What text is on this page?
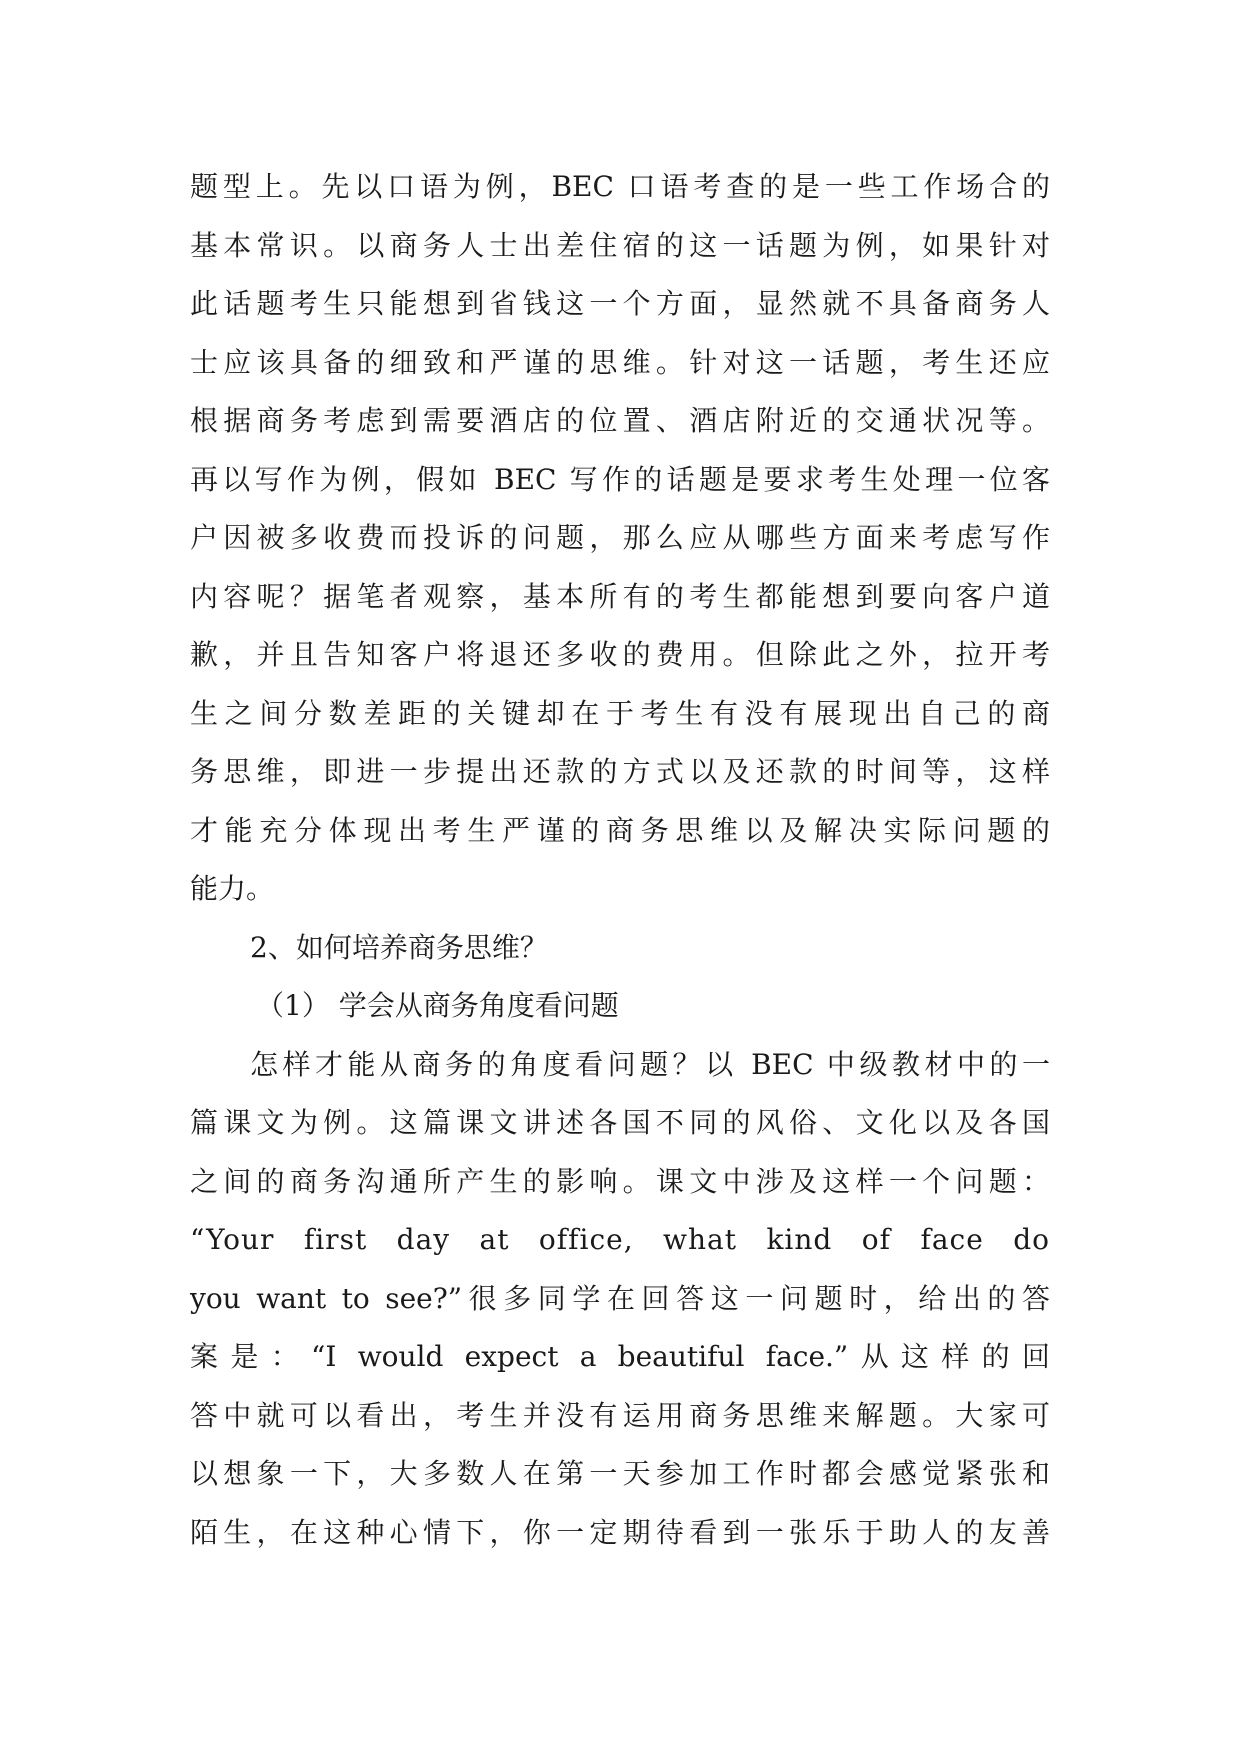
题型上。先以口语为例，BEC 口语考查的是一些工作场合的
基本常识。以商务人士出差住宿的这一话题为例，如果针对
此话题考生只能想到省钱这一个方面，显然就不具备商务人
士应该具备的细致和严谨的思维。针对这一话题，考生还应
根据商务考虑到需要酒店的位置、酒店附近的交通状况等。
再以写作为例，假如 BEC 写作的话题是要求考生处理一位客
户因被多收费而投诉的问题，那么应从哪些方面来考虑写作
内容呢？据笔者观察，基本所有的考生都能想到要向客户道
歉，并且告知客户将退还多收的费用。但除此之外，拉开考
生之间分数差距的关键却在于考生有没有展现出自己的商
务思维，即进一步提出还款的方式以及还款的时间等，这样
才能充分体现出考生严谨的商务思维以及解决实际问题的
能力。
2、如何培养商务思维？
（1） 学会从商务角度看问题
怎样才能从商务的角度看问题？以 BEC 中级教材中的一
篇课文为例。这篇课文讲述各国不同的风俗、文化以及各国
之间的商务沟通所产生的影响。课文中涉及这样一个问题：
“Your first day at office, what kind of face do
you want to see?”很多同学在回答这一问题时，给出的答
案是：“I would expect a beautiful face.”从这样的回
答中就可以看出，考生并没有运用商务思维来解题。大家可
以想象一下，大多数人在第一天参加工作时都会感觉紧张和
陌生，在这种心情下，你一定期待看到一张乐于助人的友善
